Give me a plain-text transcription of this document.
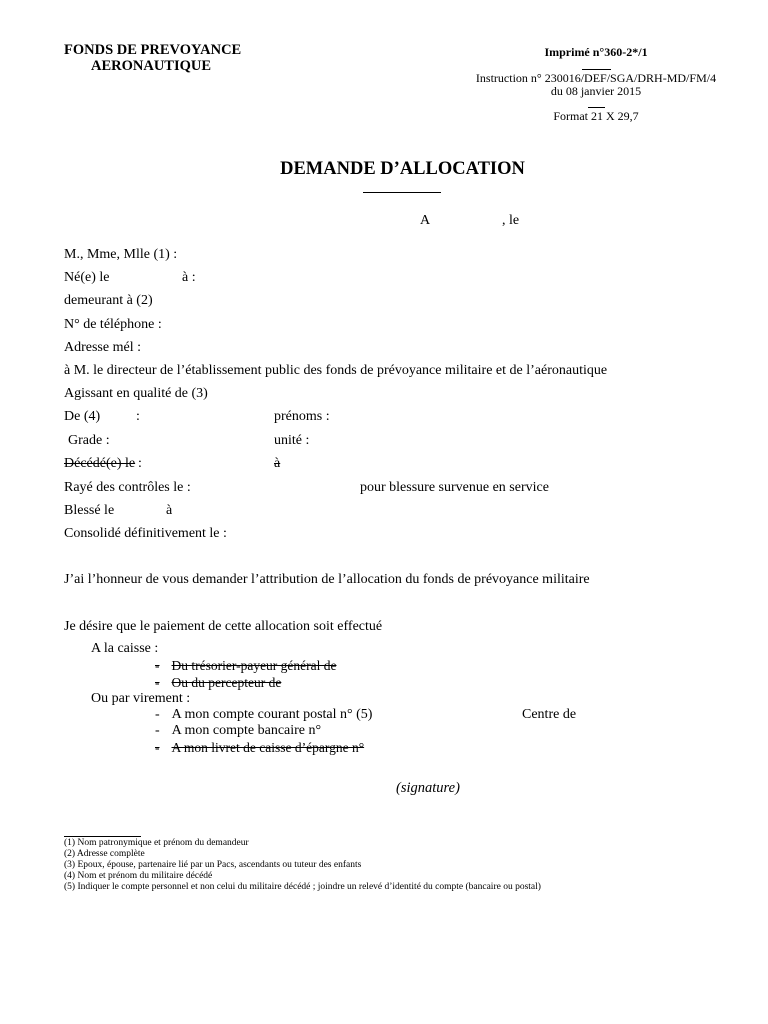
FONDS DE PREVOYANCE
AERONAUTIQUE
Imprimé n°360-2*/1
Instruction n° 230016/DEF/SGA/DRH-MD/FM/4
du 08 janvier 2015
Format 21 X 29,7
DEMANDE D’ALLOCATION
A	, le
M., Mme, Mlle (1) :
Né(e) le	à :
demeurant à (2)
N° de téléphone :
Adresse mél :
à M. le directeur de l’établissement public des fonds de prévoyance militaire et de l’aéronautique
Agissant en qualité de (3)
De (4)	:	prénoms :
Grade :	unité :
Décédé(e) le :	à
Rayé des contrôles le :	pour blessure survenue en service
Blessé le	à
Consolidé définitivement le :
J’ai l’honneur de vous demander l’attribution de l’allocation du fonds de prévoyance militaire
Je désire que le paiement de cette allocation soit effectué
A la caisse :
- Du trésorier-payeur général de
- Ou du percepteur de
Ou par virement :
- A mon compte courant postal n° (5)	Centre de
- A mon compte bancaire n°
- A mon livret de caisse d’épargne n°
(signature)
(1) Nom patronymique et prénom du demandeur
(2) Adresse complète
(3) Epoux, épouse, partenaire lié par un Pacs, ascendants ou tuteur des enfants
(4) Nom et prénom du militaire décédé
(5) Indiquer le compte personnel et non celui du militaire décédé ; joindre un relevé d’identité du compte (bancaire ou postal)
